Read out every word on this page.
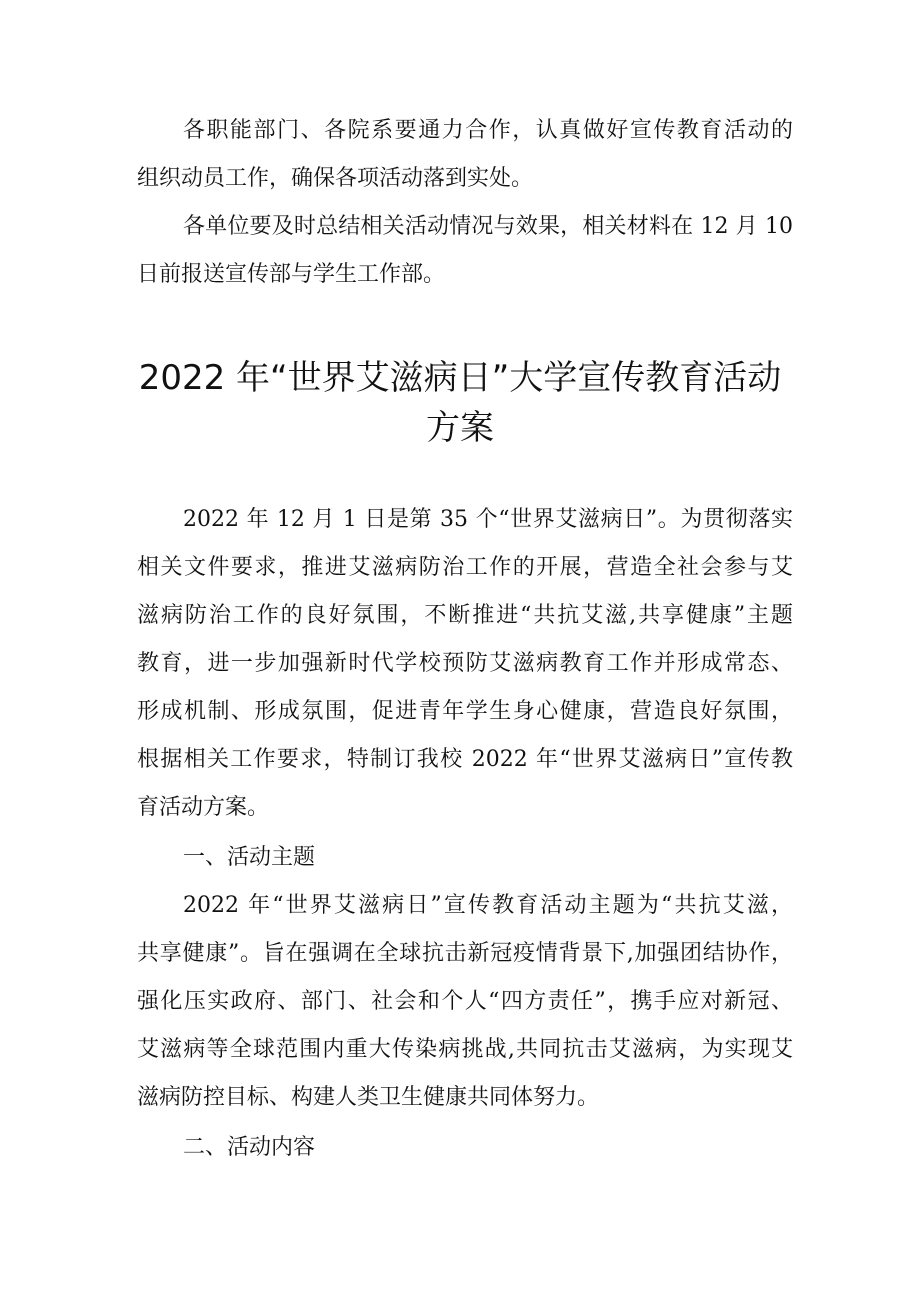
各职能部门、各院系要通力合作，认真做好宣传教育活动的
组织动员工作，确保各项活动落到实处。
各单位要及时总结相关活动情况与效果，相关材料在 12 月 10
日前报送宣传部与学生工作部。
2022 年“世界艾滋病日”大学宣传教育活动
方案
2022 年 12 月 1 日是第 35 个“世界艾滋病日”。为贯彻落实
相关文件要求，推进艾滋病防治工作的开展，营造全社会参与艾
滋病防治工作的良好氛围，不断推进“共抗艾滋,共享健康”主题
教育，进一步加强新时代学校预防艾滋病教育工作并形成常态、
形成机制、形成氛围，促进青年学生身心健康，营造良好氛围，
根据相关工作要求，特制订我校 2022 年“世界艾滋病日”宣传教
育活动方案。
一、活动主题
2022 年“世界艾滋病日”宣传教育活动主题为“共抗艾滋，
共享健康”。旨在强调在全球抗击新冠疫情背景下,加强团结协作，
强化压实政府、部门、社会和个人“四方责任”，携手应对新冠、
艾滋病等全球范围内重大传染病挑战,共同抗击艾滋病，为实现艾
滋病防控目标、构建人类卫生健康共同体努力。
二、活动内容
